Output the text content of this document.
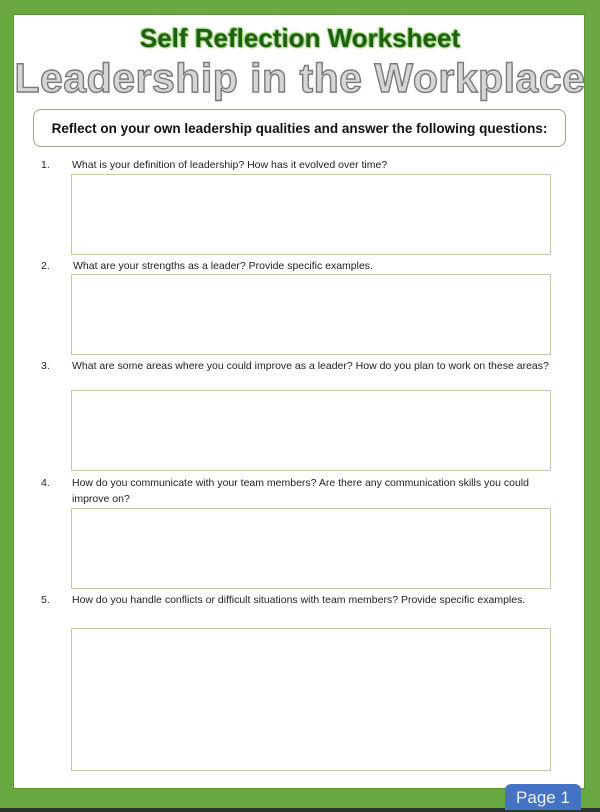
Self Reflection Worksheet
Leadership in the Workplace
Reflect on your own leadership qualities and answer the following questions:
1. What is your definition of leadership? How has it evolved over time?
2. What are your strengths as a leader? Provide specific examples.
3. What are some areas where you could improve as a leader? How do you plan to work on these areas?
4. How do you communicate with your team members? Are there any communication skills you could improve on?
5. How do you handle conflicts or difficult situations with team members? Provide specific examples.
Page 1
